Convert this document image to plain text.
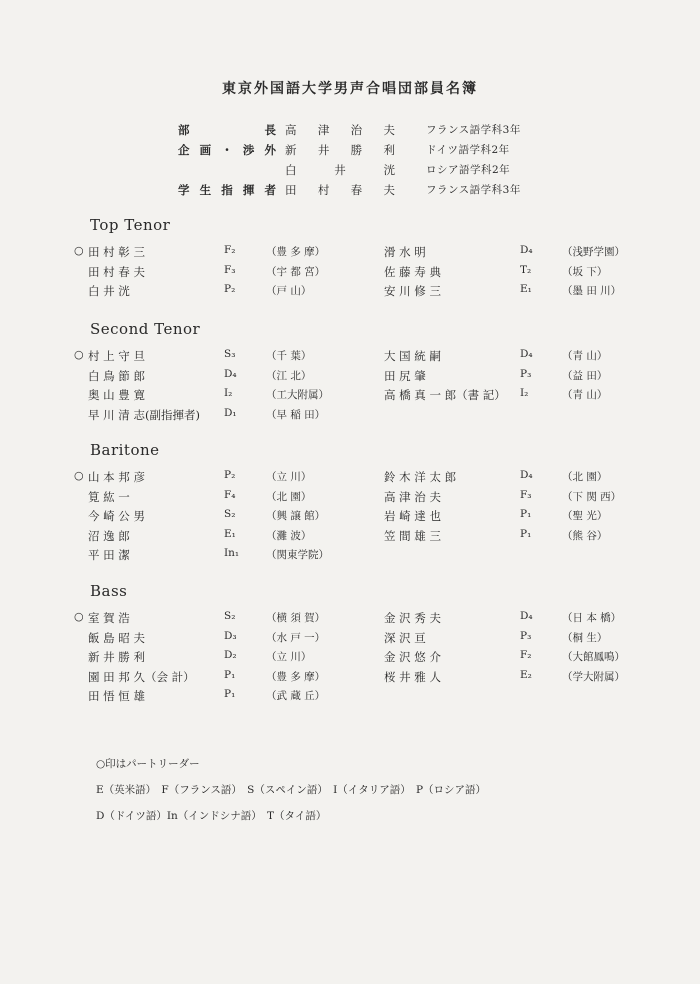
東京外国語大学男声合唱団部員名簿
部長 高津治夫	フランス語学科3年
企画・渉外 新井勝利	ドイツ語学科2年
白井洸	ロシア語学科2年
学生指揮者 田村春夫	フランス語学科3年
Top Tenor
○ 田 村 彰 三	F₂	（豊 多 摩）	滑 水 明	D₄	（浅野学園）
田 村 春 夫	F₃	（宇 都 宮）	佐 藤 寿 典	T₂	（坂 下）
白 井 洸	P₂	（戸 山）	安 川 修 三	E₁	（墨 田 川）
Second Tenor
○ 村 上 守 旦	S₃	（千 葉）	大 国 統 嗣	D₄	（青 山）
白 鳥 節 郎	D₄	（江 北）	田 尻 肇	P₃	（益 田）
奥 山 豊 寛	I₂	（工大附属）	高 橋 真 一 郎（書 記） I₂	（青 山）
早 川 清 志(副指揮者) D₁	（早 稲 田）
Baritone
○ 山 本 邦 彦	P₂	（立 川）	鈴 木 洋 太 郎	D₄	（北 園）
筧 紘 一	F₄	（北 園）	高 津 治 夫	F₃	（下 関 西）
今 崎 公 男	S₂	（興 譲 館）	岩 崎 達 也	P₁	（聖 光）
沼 逸 郎	E₁	（灘 波）	笠 間 雄 三	P₁	（熊 谷）
平 田 潔	In₁	（関東学院）
Bass
○ 室 賀 浩	S₂	（横 須 賀）	金 沢 秀 夫	D₄	（日 本 橋）
飯 島 昭 夫	D₃	（水 戸 一）	深 沢 亘	P₃	（桐 生）
新 井 勝 利	D₂	（立 川）	金 沢 悠 介	F₂	（大館鳳鳴）
園 田 邦 久（会 計）	P₁	（豊 多 摩）	桜 井 雅 人	E₂	（学大附属）
田 悟 恒 雄	P₁	（武 蔵 丘）
○印はパートリーダー
E（英米語）　F（フランス語）　S（スペイン語）　I（イタリア語）　P（ロシア語）
D（ドイツ語）In（インドシナ語）　T（タイ語）
